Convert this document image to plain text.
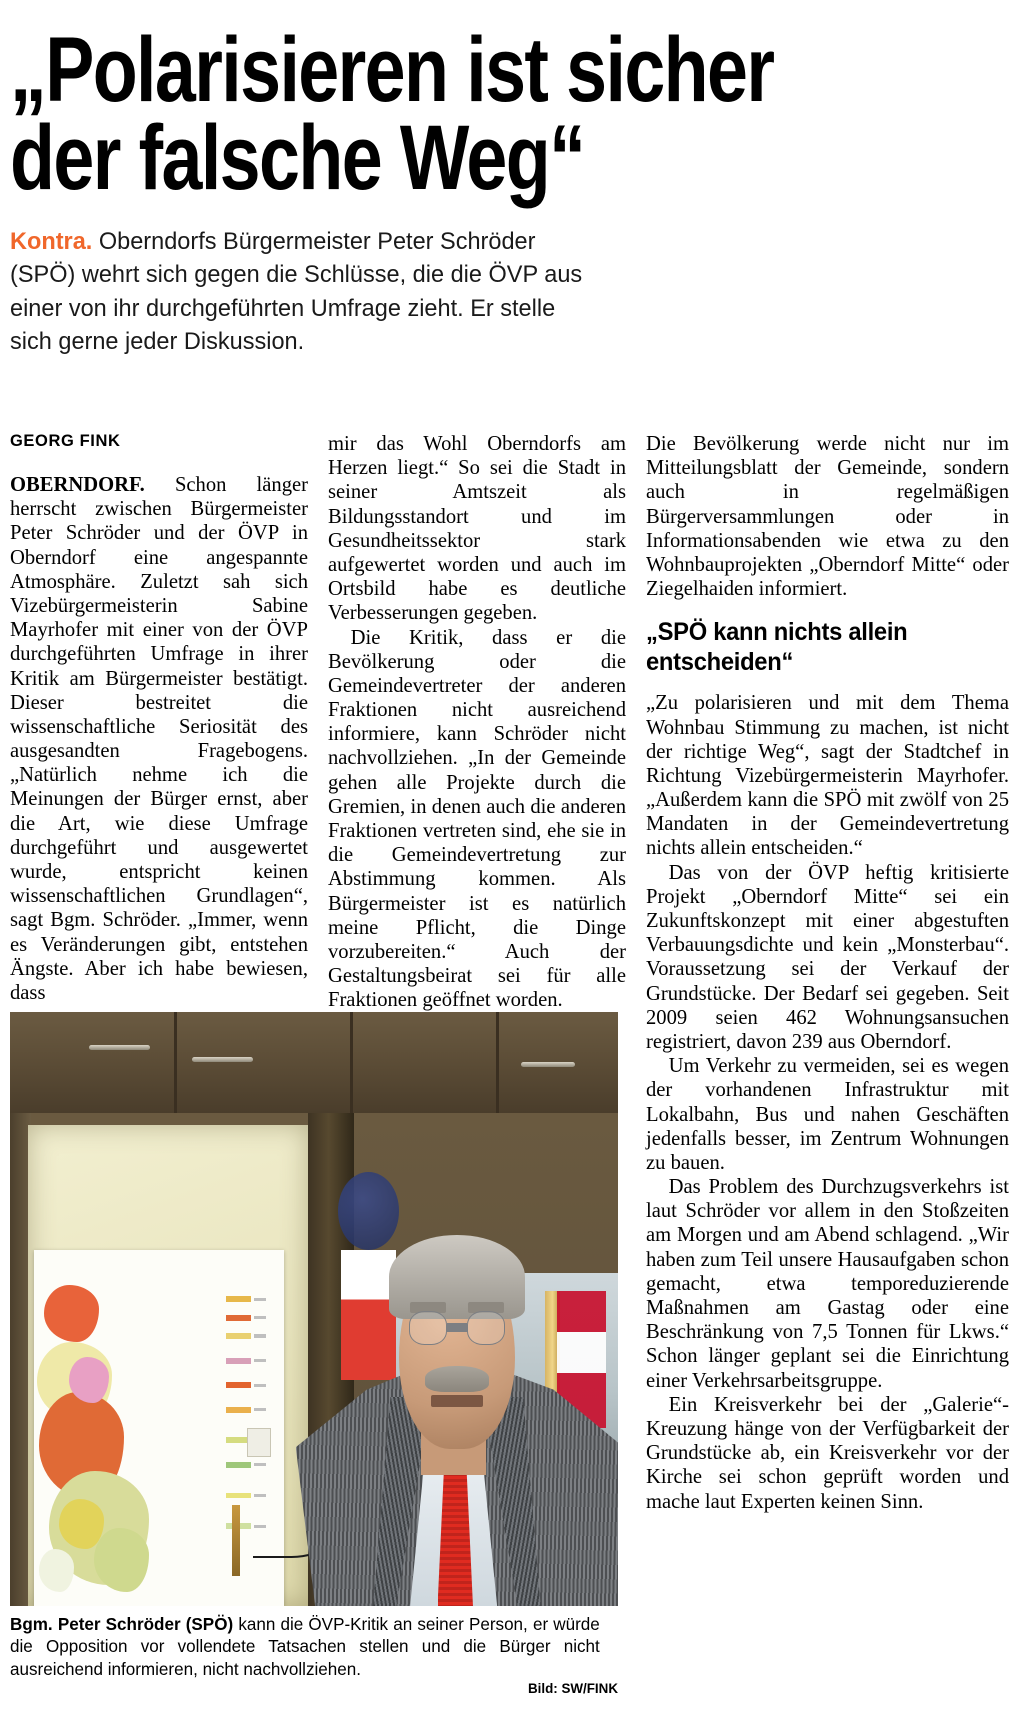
„Polarisieren ist sicher
der falsche Weg“

Kontra. Oberndorfs Bürgermeister Peter Schröder (SPÖ) wehrt sich gegen die Schlüsse, die die ÖVP aus einer von ihr durchgeführten Umfrage zieht. Er stelle sich gerne jeder Diskussion.

GEORG FINK

OBERNDORF. Schon länger herrscht zwischen Bürgermeister Peter Schröder und der ÖVP in Oberndorf eine angespannte Atmosphäre. Zuletzt sah sich Vizebürgermeisterin Sabine Mayrhofer mit einer von der ÖVP durchgeführten Umfrage in ihrer Kritik am Bürgermeister bestätigt. Dieser bestreitet die wissenschaftliche Seriosität des ausgesandten Fragebogens. „Natürlich nehme ich die Meinungen der Bürger ernst, aber die Art, wie diese Umfrage durchgeführt und ausgewertet wurde, entspricht keinen wissenschaftlichen Grundlagen“, sagt Bgm. Schröder. „Immer, wenn es Veränderungen gibt, entstehen Ängste. Aber ich habe bewiesen, dass

mir das Wohl Oberndorfs am Herzen liegt.“ So sei die Stadt in seiner Amtszeit als Bildungsstandort und im Gesundheitssektor stark aufgewertet worden und auch im Ortsbild habe es deutliche Verbesserungen gegeben.

Die Kritik, dass er die Bevölkerung oder die Gemeindevertreter der anderen Fraktionen nicht ausreichend informiere, kann Schröder nicht nachvollziehen. „In der Gemeinde gehen alle Projekte durch die Gremien, in denen auch die anderen Fraktionen vertreten sind, ehe sie in die Gemeindevertretung zur Abstimmung kommen. Als Bürgermeister ist es natürlich meine Pflicht, die Dinge vorzubereiten.“ Auch der Gestaltungsbeirat sei für alle Fraktionen geöffnet worden.

Die Bevölkerung werde nicht nur im Mitteilungsblatt der Gemeinde, sondern auch in regelmäßigen Bürgerversammlungen oder in Informationsabenden wie etwa zu den Wohnbauprojekten „Oberndorf Mitte“ oder Ziegelhaiden informiert.

„SPÖ kann nichts allein entscheiden“

„Zu polarisieren und mit dem Thema Wohnbau Stimmung zu machen, ist nicht der richtige Weg“, sagt der Stadtchef in Richtung Vizebürgermeisterin Mayrhofer. „Außerdem kann die SPÖ mit zwölf von 25 Mandaten in der Gemeindevertretung nichts allein entscheiden.“

Das von der ÖVP heftig kritisierte Projekt „Oberndorf Mitte“ sei ein Zukunftskonzept mit einer abgestuften Verbauungsdichte und kein „Monsterbau“. Voraussetzung sei der Verkauf der Grundstücke. Der Bedarf sei gegeben. Seit 2009 seien 462 Wohnungsansuchen registriert, davon 239 aus Oberndorf.

Um Verkehr zu vermeiden, sei es wegen der vorhandenen Infrastruktur mit Lokalbahn, Bus und nahen Geschäften jedenfalls besser, im Zentrum Wohnungen zu bauen.

Das Problem des Durchzugsverkehrs ist laut Schröder vor allem in den Stoßzeiten am Morgen und am Abend schlagend. „Wir haben zum Teil unsere Hausaufgaben schon gemacht, etwa temporeduzierende Maßnahmen am Gastag oder eine Beschränkung von 7,5 Tonnen für Lkws.“ Schon länger geplant sei die Einrichtung einer Verkehrsarbeitsgruppe.

Ein Kreisverkehr bei der „Galerie“-Kreuzung hänge von der Verfügbarkeit der Grundstücke ab, ein Kreisverkehr vor der Kirche sei schon geprüft worden und mache laut Experten keinen Sinn.

Bgm. Peter Schröder (SPÖ) kann die ÖVP-Kritik an seiner Person, er würde die Opposition vor vollendete Tatsachen stellen und die Bürger nicht ausreichend informieren, nicht nachvollziehen.
Bild: SW/FINK
